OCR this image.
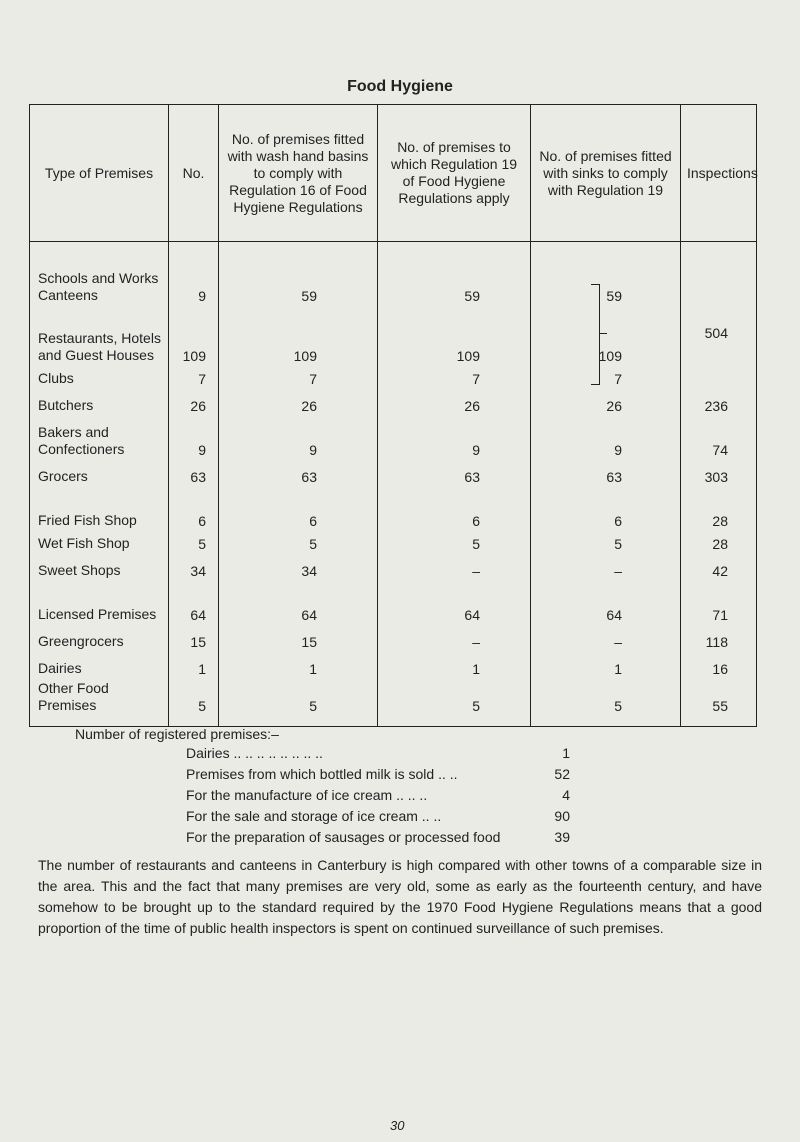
Food Hygiene
Type of Premises	No.	No. of premises fitted with wash hand basins to comply with Regulation 16 of Food Hygiene Regulations	No. of premises to which Regulation 19 of Food Hygiene Regulations apply	No. of premises fitted with sinks to comply with Regulation 19	Inspections
Schools and Works Canteens	9	59	59	59	
Restaurants, Hotels and Guest Houses	109	109	109	109	504
Clubs	7	7	7	7	
Butchers	26	26	26	26	236
Bakers and Confectioners	9	9	9	9	74
Grocers	63	63	63	63	303
Fried Fish Shop	6	6	6	6	28
Wet Fish Shop	5	5	5	5	28
Sweet Shops	34	34	–	–	42
Licensed Premises	64	64	64	64	71
Greengrocers	15	15	–	–	118
Dairies	1	1	1	1	16
Other Food Premises	5	5	5	5	55
Number of registered premises:–
Dairies .. .. .. .. .. .. .. ..	1
Premises from which bottled milk is sold .. ..	52
For the manufacture of ice cream .. .. ..	4
For the sale and storage of ice cream .. ..	90
For the preparation of sausages or processed food	39
The number of restaurants and canteens in Canterbury is high compared with other towns of a comparable size in the area. This and the fact that many premises are very old, some as early as the fourteenth century, and have somehow to be brought up to the standard required by the 1970 Food Hygiene Regulations means that a good proportion of the time of public health inspectors is spent on continued surveillance of such premises.
30
